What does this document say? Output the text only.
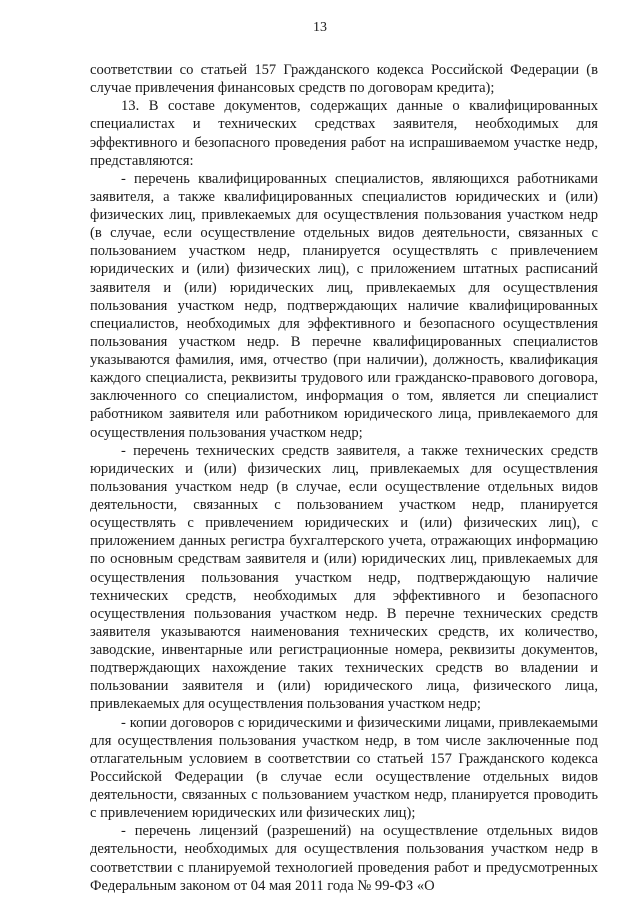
13

соответствии со статьей 157 Гражданского кодекса Российской Федерации (в случае привлечения финансовых средств по договорам кредита);

13. В составе документов, содержащих данные о квалифицированных специалистах и технических средствах заявителя, необходимых для эффективного и безопасного проведения работ на испрашиваемом участке недр, представляются:

- перечень квалифицированных специалистов, являющихся работниками заявителя, а также квалифицированных специалистов юридических и (или) физических лиц, привлекаемых для осуществления пользования участком недр (в случае, если осуществление отдельных видов деятельности, связанных с пользованием участком недр, планируется осуществлять с привлечением юридических и (или) физических лиц), с приложением штатных расписаний заявителя и (или) юридических лиц, привлекаемых для осуществления пользования участком недр, подтверждающих наличие квалифицированных специалистов, необходимых для эффективного и безопасного осуществления пользования участком недр. В перечне квалифицированных специалистов указываются фамилия, имя, отчество (при наличии), должность, квалификация каждого специалиста, реквизиты трудового или гражданско-правового договора, заключенного со специалистом, информация о том, является ли специалист работником заявителя или работником юридического лица, привлекаемого для осуществления пользования участком недр;

- перечень технических средств заявителя, а также технических средств юридических и (или) физических лиц, привлекаемых для осуществления пользования участком недр (в случае, если осуществление отдельных видов деятельности, связанных с пользованием участком недр, планируется осуществлять с привлечением юридических и (или) физических лиц), с приложением данных регистра бухгалтерского учета, отражающих информацию по основным средствам заявителя и (или) юридических лиц, привлекаемых для осуществления пользования участком недр, подтверждающую наличие технических средств, необходимых для эффективного и безопасного осуществления пользования участком недр. В перечне технических средств заявителя указываются наименования технических средств, их количество, заводские, инвентарные или регистрационные номера, реквизиты документов, подтверждающих нахождение таких технических средств во владении и пользовании заявителя и (или) юридического лица, физического лица, привлекаемых для осуществления пользования участком недр;

- копии договоров с юридическими и физическими лицами, привлекаемыми для осуществления пользования участком недр, в том числе заключенные под отлагательным условием в соответствии со статьей 157 Гражданского кодекса Российской Федерации (в случае если осуществление отдельных видов деятельности, связанных с пользованием участком недр, планируется проводить с привлечением юридических или физических лиц);

- перечень лицензий (разрешений) на осуществление отдельных видов деятельности, необходимых для осуществления пользования участком недр в соответствии с планируемой технологией проведения работ и предусмотренных Федеральным законом от 04 мая 2011 года № 99-ФЗ «О
